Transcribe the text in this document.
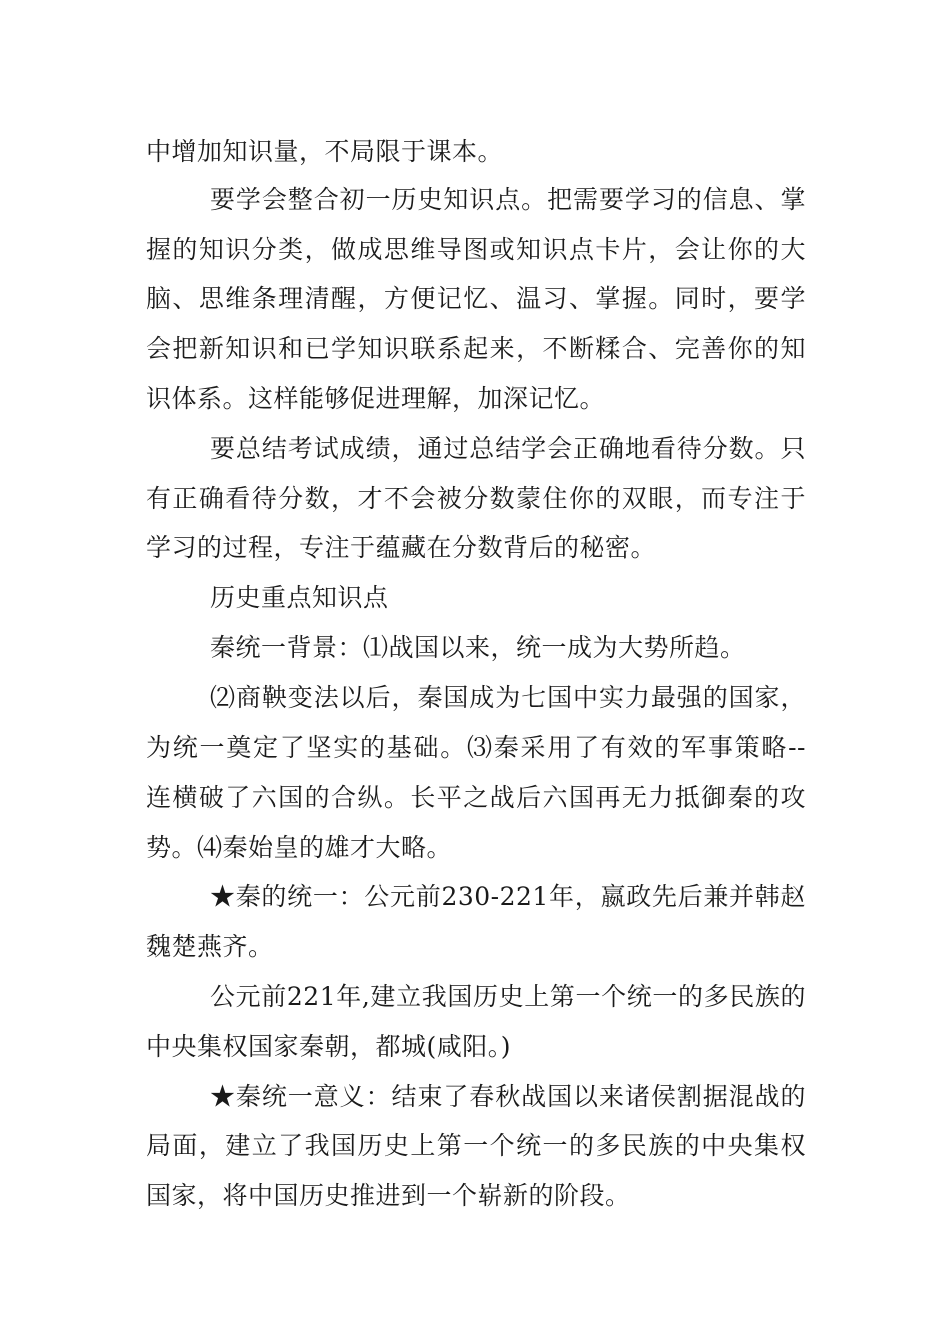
中增加知识量，不局限于课本。
要学会整合初一历史知识点。把需要学习的信息、掌
握的知识分类，做成思维导图或知识点卡片，会让你的大
脑、思维条理清醒，方便记忆、温习、掌握。同时，要学
会把新知识和已学知识联系起来，不断糅合、完善你的知
识体系。这样能够促进理解，加深记忆。
要总结考试成绩，通过总结学会正确地看待分数。只
有正确看待分数，才不会被分数蒙住你的双眼，而专注于
学习的过程，专注于蕴藏在分数背后的秘密。
历史重点知识点
秦统一背景：⑴战国以来，统一成为大势所趋。
⑵商鞅变法以后，秦国成为七国中实力最强的国家，
为统一奠定了坚实的基础。⑶秦采用了有效的军事策略--
连横破了六国的合纵。长平之战后六国再无力抵御秦的攻
势。⑷秦始皇的雄才大略。
★秦的统一：公元前230-221年，嬴政先后兼并韩赵
魏楚燕齐。
公元前221年,建立我国历史上第一个统一的多民族的
中央集权国家秦朝，都城(咸阳。)
★秦统一意义：结束了春秋战国以来诸侯割据混战的
局面，建立了我国历史上第一个统一的多民族的中央集权
国家，将中国历史推进到一个崭新的阶段。
